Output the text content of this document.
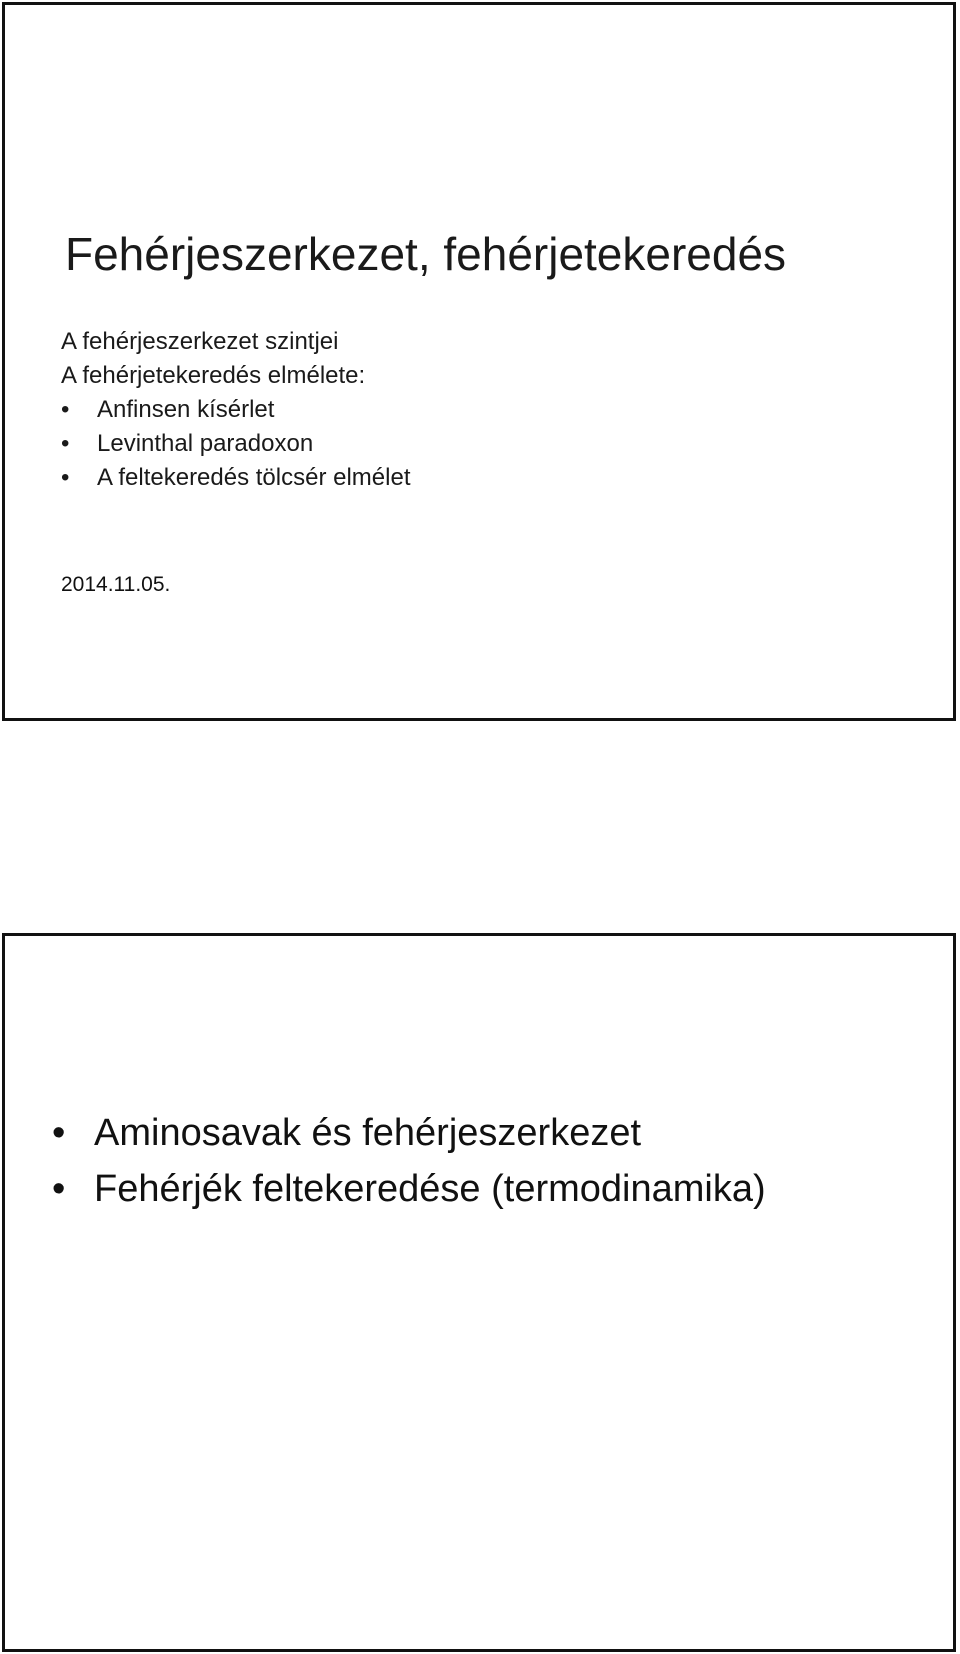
Fehérjeszerkezet, fehérjetekeredés
A fehérjeszerkezet szintjei
A fehérjetekeredés elmélete:
• Anfinsen kísérlet
• Levinthal paradoxon
• A feltekeredés tölcsér elmélet
2014.11.05.
• Aminosavak és fehérjeszerkezet
• Fehérjék feltekeredése (termodinamika)
